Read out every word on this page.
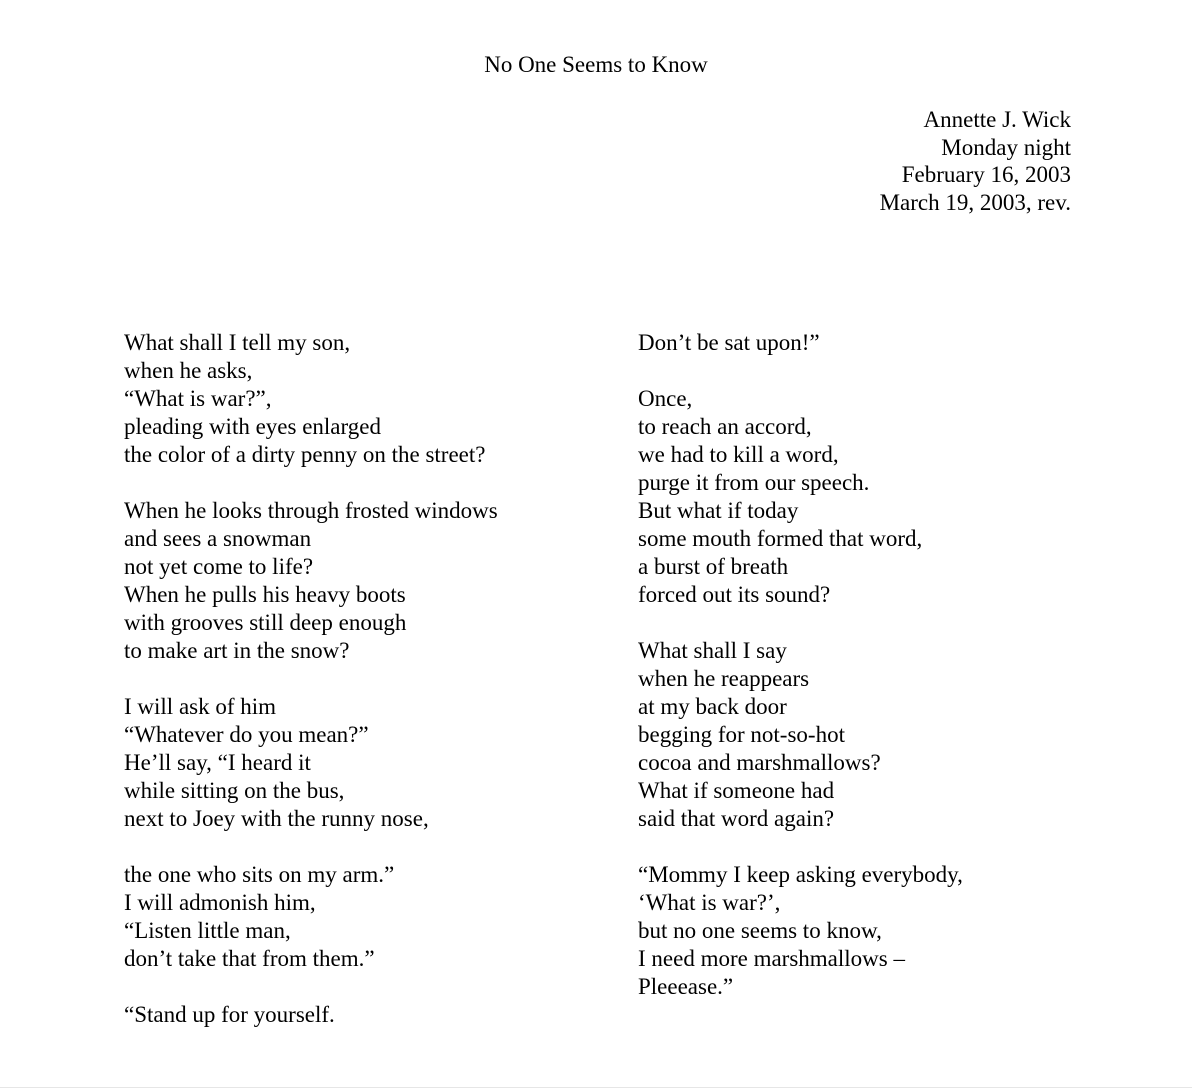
No One Seems to Know
Annette J. Wick
Monday night
February 16, 2003
March 19, 2003, rev.
What shall I tell my son,
when he asks,
“What is war?”,
pleading with eyes enlarged
the color of a dirty penny on the street?
When he looks through frosted windows
and sees a snowman
not yet come to life?
When he pulls his heavy boots
with grooves still deep enough
to make art in the snow?
I will ask of him
“Whatever do you mean?”
He’ll say, “I heard it
while sitting on the bus,
next to Joey with the runny nose,
the one who sits on my arm.”
I will admonish him,
“Listen little man,
don’t take that from them.”
“Stand up for yourself.
Don’t be sat upon!”
Once,
to reach an accord,
we had to kill a word,
purge it from our speech.
But what if today
some mouth formed that word,
a burst of breath
forced out its sound?
What shall I say
when he reappears
at my back door
begging for not-so-hot
cocoa and marshmallows?
What if someone had
said that word again?
“Mommy I keep asking everybody,
‘What is war?’,
but no one seems to know,
I need more marshmallows –
Pleeease.”
